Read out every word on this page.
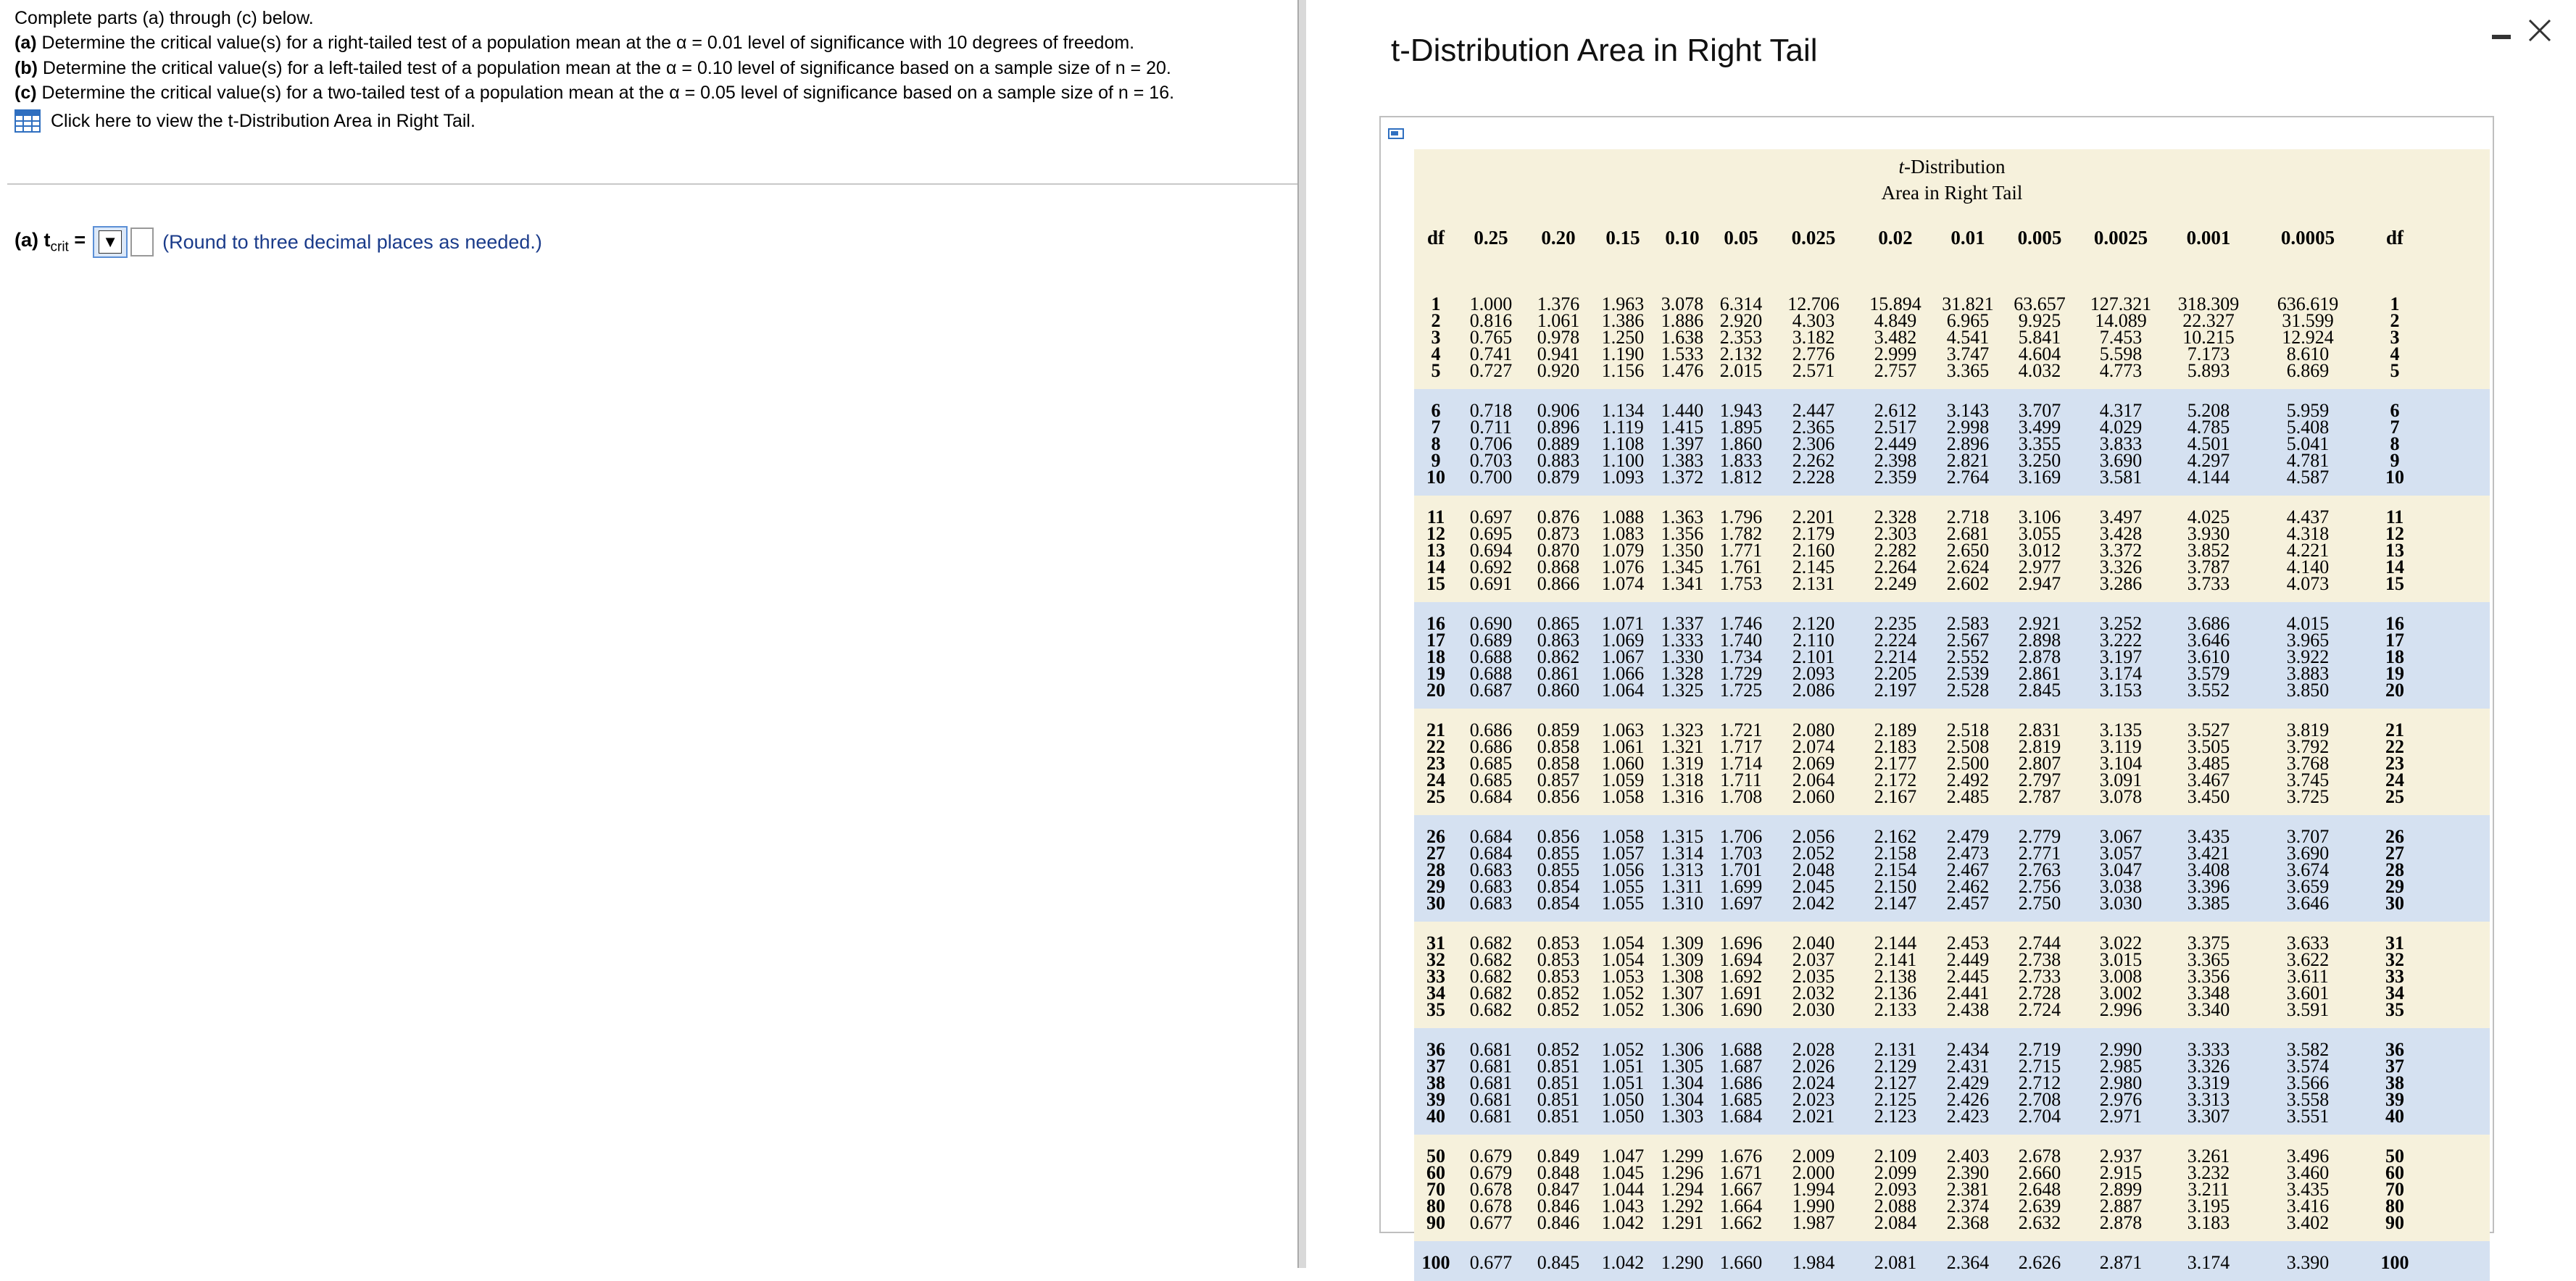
Complete parts (a) through (c) below.
(a) Determine the critical value(s) for a right-tailed test of a population mean at the α = 0.01 level of significance with 10 degrees of freedom.
(b) Determine the critical value(s) for a left-tailed test of a population mean at the α = 0.10 level of significance based on a sample size of n = 20.
(c) Determine the critical value(s) for a two-tailed test of a population mean at the α = 0.05 level of significance based on a sample size of n = 16.
Click here to view the t-Distribution Area in Right Tail.
(a) $t_{crit}$ = ▼ (Round to three decimal places as needed.)
t-Distribution Area in Right Tail
t-Distribution
Area in Right Tail
df	0.25	0.20	0.15	0.10	0.05	0.025	0.02	0.01	0.005	0.0025	0.001	0.0005	df
1	1.000	1.376	1.963 3.078 6.314	12.706	15.894	31.821	63.657	127.321	318.309	636.619	1
2	0.816	1.061	1.386 1.886 2.920	4.303	4.849	6.965	9.925	14.089	22.327	31.599	2
3	0.765	0.978	1.250 1.638 2.353	3.182	3.482	4.541	5.841	7.453	10.215	12.924	3
4	0.741	0.941	1.190 1.533 2.132	2.776	2.999	3.747	4.604	5.598	7.173	8.610	4
5	0.727	0.920	1.156 1.476 2.015	2.571	2.757	3.365	4.032	4.773	5.893	6.869	5
6	0.718	0.906	1.134 1.440 1.943	2.447	2.612	3.143	3.707	4.317	5.208	5.959	6
7	0.711	0.896	1.119 1.415 1.895	2.365	2.517	2.998	3.499	4.029	4.785	5.408	7
8	0.706	0.889	1.108 1.397 1.860	2.306	2.449	2.896	3.355	3.833	4.501	5.041	8
9	0.703	0.883	1.100 1.383 1.833	2.262	2.398	2.821	3.250	3.690	4.297	4.781	9
10	0.700	0.879	1.093 1.372 1.812	2.228	2.359	2.764	3.169	3.581	4.144	4.587	10
11	0.697	0.876	1.088 1.363 1.796	2.201	2.328	2.718	3.106	3.497	4.025	4.437	11
12	0.695	0.873	1.083 1.356 1.782	2.179	2.303	2.681	3.055	3.428	3.930	4.318	12
13	0.694	0.870	1.079 1.350 1.771	2.160	2.282	2.650	3.012	3.372	3.852	4.221	13
14	0.692	0.868	1.076 1.345 1.761	2.145	2.264	2.624	2.977	3.326	3.787	4.140	14
15	0.691	0.866	1.074 1.341 1.753	2.131	2.249	2.602	2.947	3.286	3.733	4.073	15
16	0.690	0.865	1.071 1.337 1.746	2.120	2.235	2.583	2.921	3.252	3.686	4.015	16
17	0.689	0.863	1.069 1.333 1.740	2.110	2.224	2.567	2.898	3.222	3.646	3.965	17
18	0.688	0.862	1.067 1.330 1.734	2.101	2.214	2.552	2.878	3.197	3.610	3.922	18
19	0.688	0.861	1.066 1.328 1.729	2.093	2.205	2.539	2.861	3.174	3.579	3.883	19
20	0.687	0.860	1.064 1.325 1.725	2.086	2.197	2.528	2.845	3.153	3.552	3.850	20
21	0.686	0.859	1.063 1.323 1.721	2.080	2.189	2.518	2.831	3.135	3.527	3.819	21
22	0.686	0.858	1.061 1.321 1.717	2.074	2.183	2.508	2.819	3.119	3.505	3.792	22
23	0.685	0.858	1.060 1.319 1.714	2.069	2.177	2.500	2.807	3.104	3.485	3.768	23
24	0.685	0.857	1.059 1.318 1.711	2.064	2.172	2.492	2.797	3.091	3.467	3.745	24
25	0.684	0.856	1.058 1.316 1.708	2.060	2.167	2.485	2.787	3.078	3.450	3.725	25
26	0.684	0.856	1.058 1.315 1.706	2.056	2.162	2.479	2.779	3.067	3.435	3.707	26
27	0.684	0.855	1.057 1.314 1.703	2.052	2.158	2.473	2.771	3.057	3.421	3.690	27
28	0.683	0.855	1.056 1.313 1.701	2.048	2.154	2.467	2.763	3.047	3.408	3.674	28
29	0.683	0.854	1.055 1.311 1.699	2.045	2.150	2.462	2.756	3.038	3.396	3.659	29
30	0.683	0.854	1.055 1.310 1.697	2.042	2.147	2.457	2.750	3.030	3.385	3.646	30
31	0.682	0.853	1.054 1.309 1.696	2.040	2.144	2.453	2.744	3.022	3.375	3.633	31
32	0.682	0.853	1.054 1.309 1.694	2.037	2.141	2.449	2.738	3.015	3.365	3.622	32
33	0.682	0.853	1.053 1.308 1.692	2.035	2.138	2.445	2.733	3.008	3.356	3.611	33
34	0.682	0.852	1.052 1.307 1.691	2.032	2.136	2.441	2.728	3.002	3.348	3.601	34
35	0.682	0.852	1.052 1.306 1.690	2.030	2.133	2.438	2.724	2.996	3.340	3.591	35
36	0.681	0.852	1.052 1.306 1.688	2.028	2.131	2.434	2.719	2.990	3.333	3.582	36
37	0.681	0.851	1.051 1.305 1.687	2.026	2.129	2.431	2.715	2.985	3.326	3.574	37
38	0.681	0.851	1.051 1.304 1.686	2.024	2.127	2.429	2.712	2.980	3.319	3.566	38
39	0.681	0.851	1.050 1.304 1.685	2.023	2.125	2.426	2.708	2.976	3.313	3.558	39
40	0.681	0.851	1.050 1.303 1.684	2.021	2.123	2.423	2.704	2.971	3.307	3.551	40
50	0.679	0.849	1.047 1.299 1.676	2.009	2.109	2.403	2.678	2.937	3.261	3.496	50
60	0.679	0.848	1.045 1.296 1.671	2.000	2.099	2.390	2.660	2.915	3.232	3.460	60
70	0.678	0.847	1.044 1.294 1.667	1.994	2.093	2.381	2.648	2.899	3.211	3.435	70
80	0.678	0.846	1.043 1.292 1.664	1.990	2.088	2.374	2.639	2.887	3.195	3.416	80
90	0.677	0.846	1.042 1.291 1.662	1.987	2.084	2.368	2.632	2.878	3.183	3.402	90
100	0.677	0.845	1.042 1.290 1.660	1.984	2.081	2.364	2.626	2.871	3.174	3.390	100
